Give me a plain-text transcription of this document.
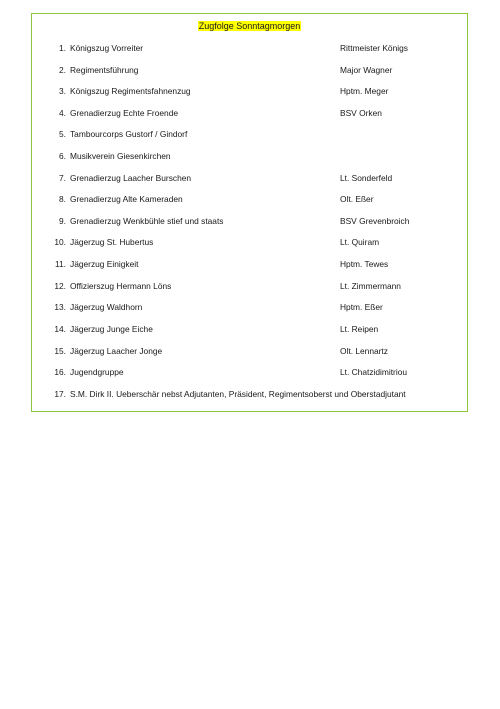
Zugfolge Sonntagmorgen
1. Königszug Vorreiter	Rittmeister Königs
2. Regimentsführung	Major Wagner
3. Königszug Regimentsfahnenzug	Hptm. Meger
4. Grenadierzug Echte Froende	BSV Orken
5. Tambourcorps Gustorf / Gindorf
6. Musikverein Giesenkirchen
7. Grenadierzug Laacher Burschen	Lt. Sonderfeld
8. Grenadierzug Alte Kameraden	Olt. Eßer
9. Grenadierzug Wenkbühle stief und staats	BSV Grevenbroich
10. Jägerzug St. Hubertus	Lt. Quiram
11. Jägerzug Einigkeit	Hptm. Tewes
12. Offizierszug Hermann Löns	Lt. Zimmermann
13. Jägerzug Waldhorn	Hptm. Eßer
14. Jägerzug Junge Eiche	Lt. Reipen
15. Jägerzug Laacher Jonge	Olt. Lennartz
16. Jugendgruppe	Lt. Chatzidimitriou
17. S.M. Dirk II. Ueberschär nebst Adjutanten, Präsident, Regimentsoberst und Oberstadjutant
